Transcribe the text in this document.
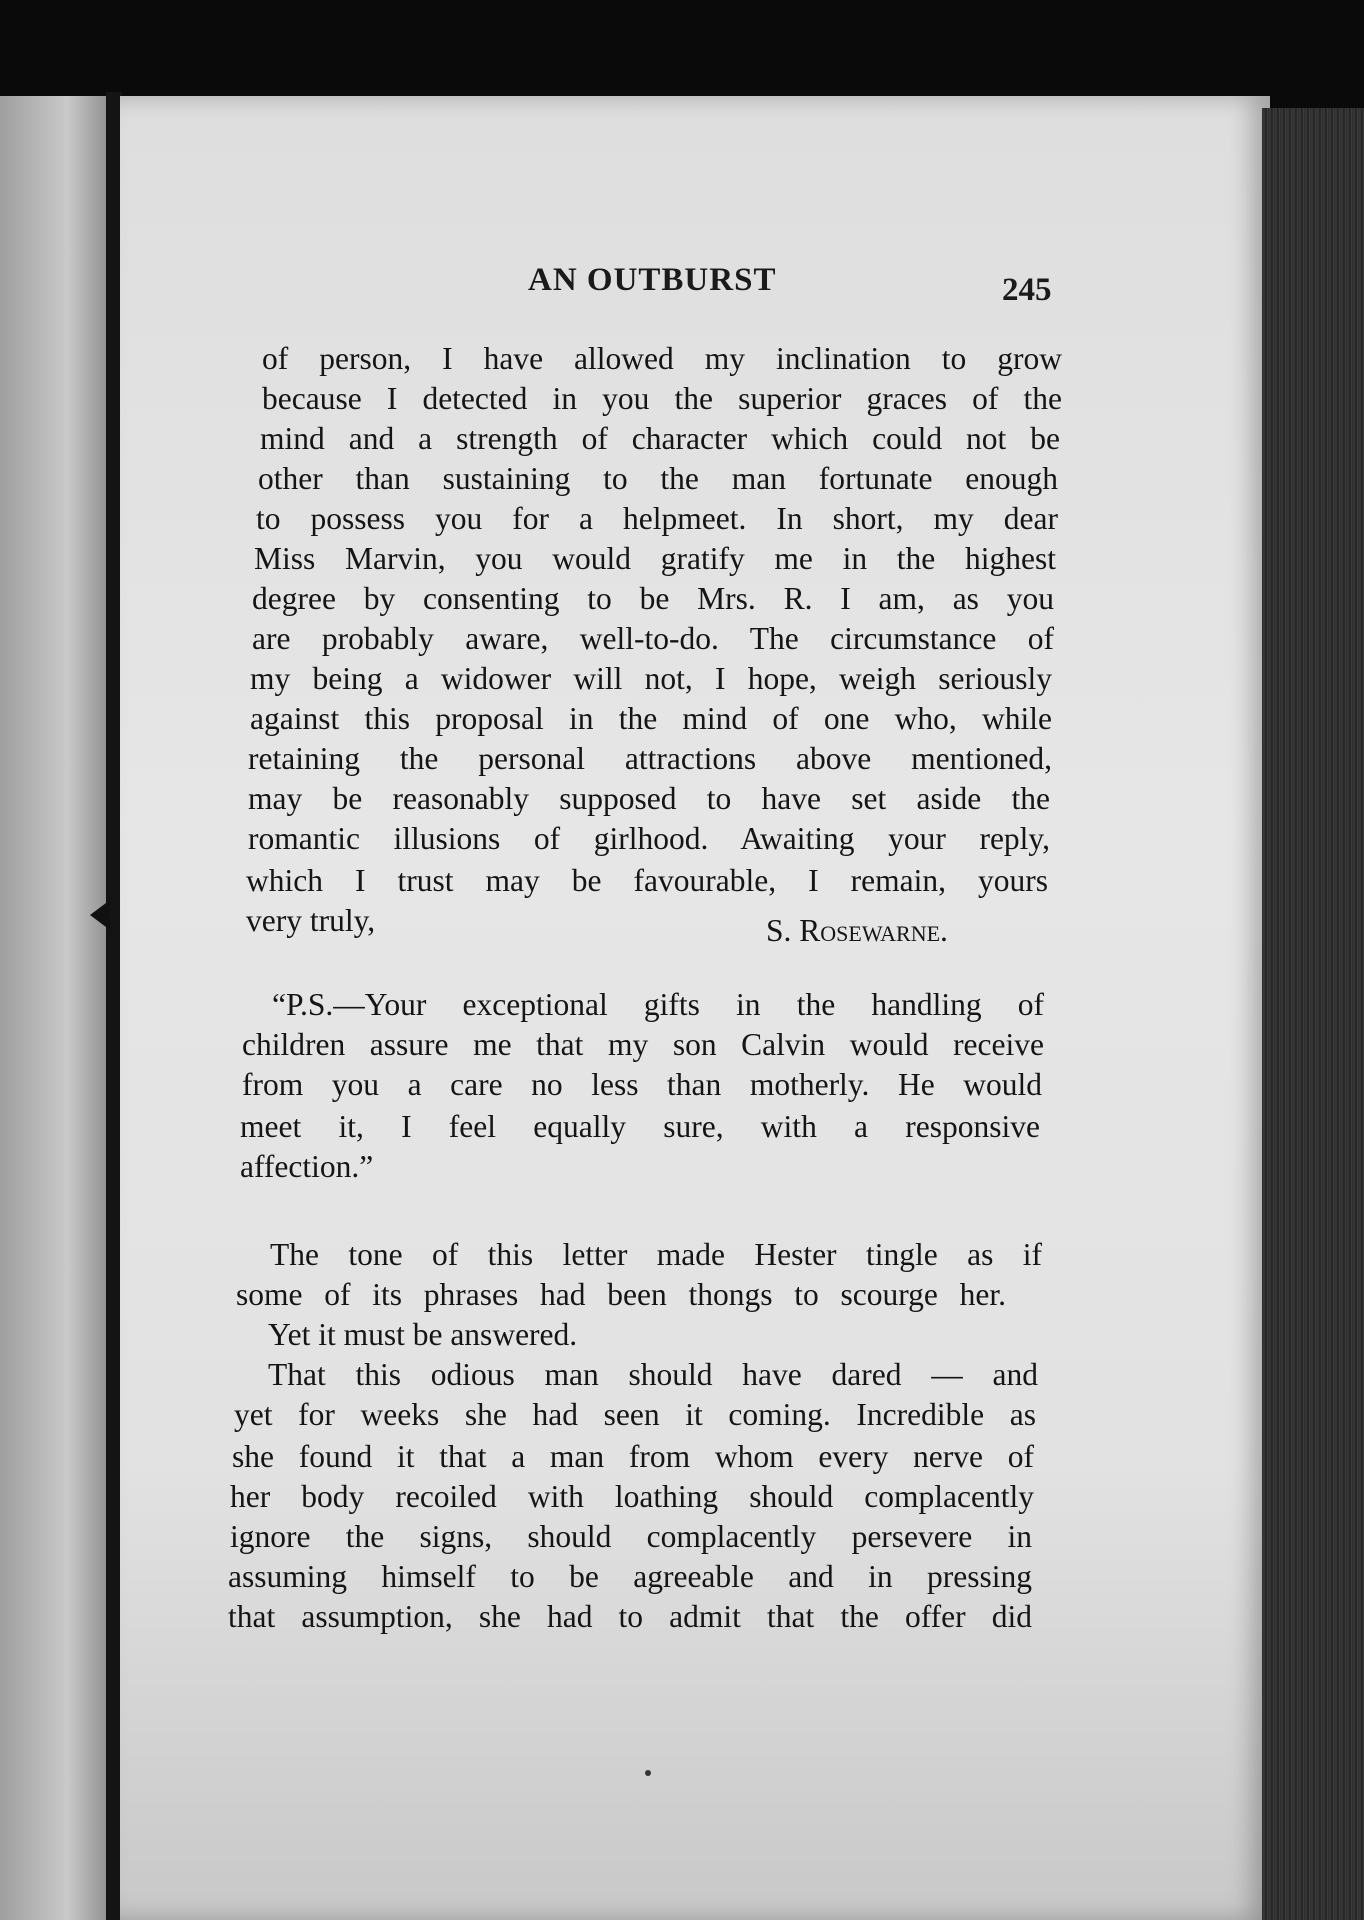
AN OUTBURST	245
of person, I have allowed my inclination to grow
because I detected in you the superior graces of the
mind and a strength of character which could not be
other than sustaining to the man fortunate enough
to possess you for a helpmeet. In short, my dear
Miss Marvin, you would gratify me in the highest
degree by consenting to be Mrs. R. I am, as you
are probably aware, well-to-do. The circumstance of
my being a widower will not, I hope, weigh seriously
against this proposal in the mind of one who, while
retaining the personal attractions above mentioned,
may be reasonably supposed to have set aside the
romantic illusions of girlhood. Awaiting your reply,
which I trust may be favourable, I remain, yours
very truly,	S. Rosewarne.
“P.S.—Your exceptional gifts in the handling of
children assure me that my son Calvin would receive
from you a care no less than motherly. He would
meet it, I feel equally sure, with a responsive
affection.”
The tone of this letter made Hester tingle as if
some of its phrases had been thongs to scourge her.
Yet it must be answered.
That this odious man should have dared — and
yet for weeks she had seen it coming. Incredible as
she found it that a man from whom every nerve of
her body recoiled with loathing should complacently
ignore the signs, should complacently persevere in
assuming himself to be agreeable and in pressing
that assumption, she had to admit that the offer did
